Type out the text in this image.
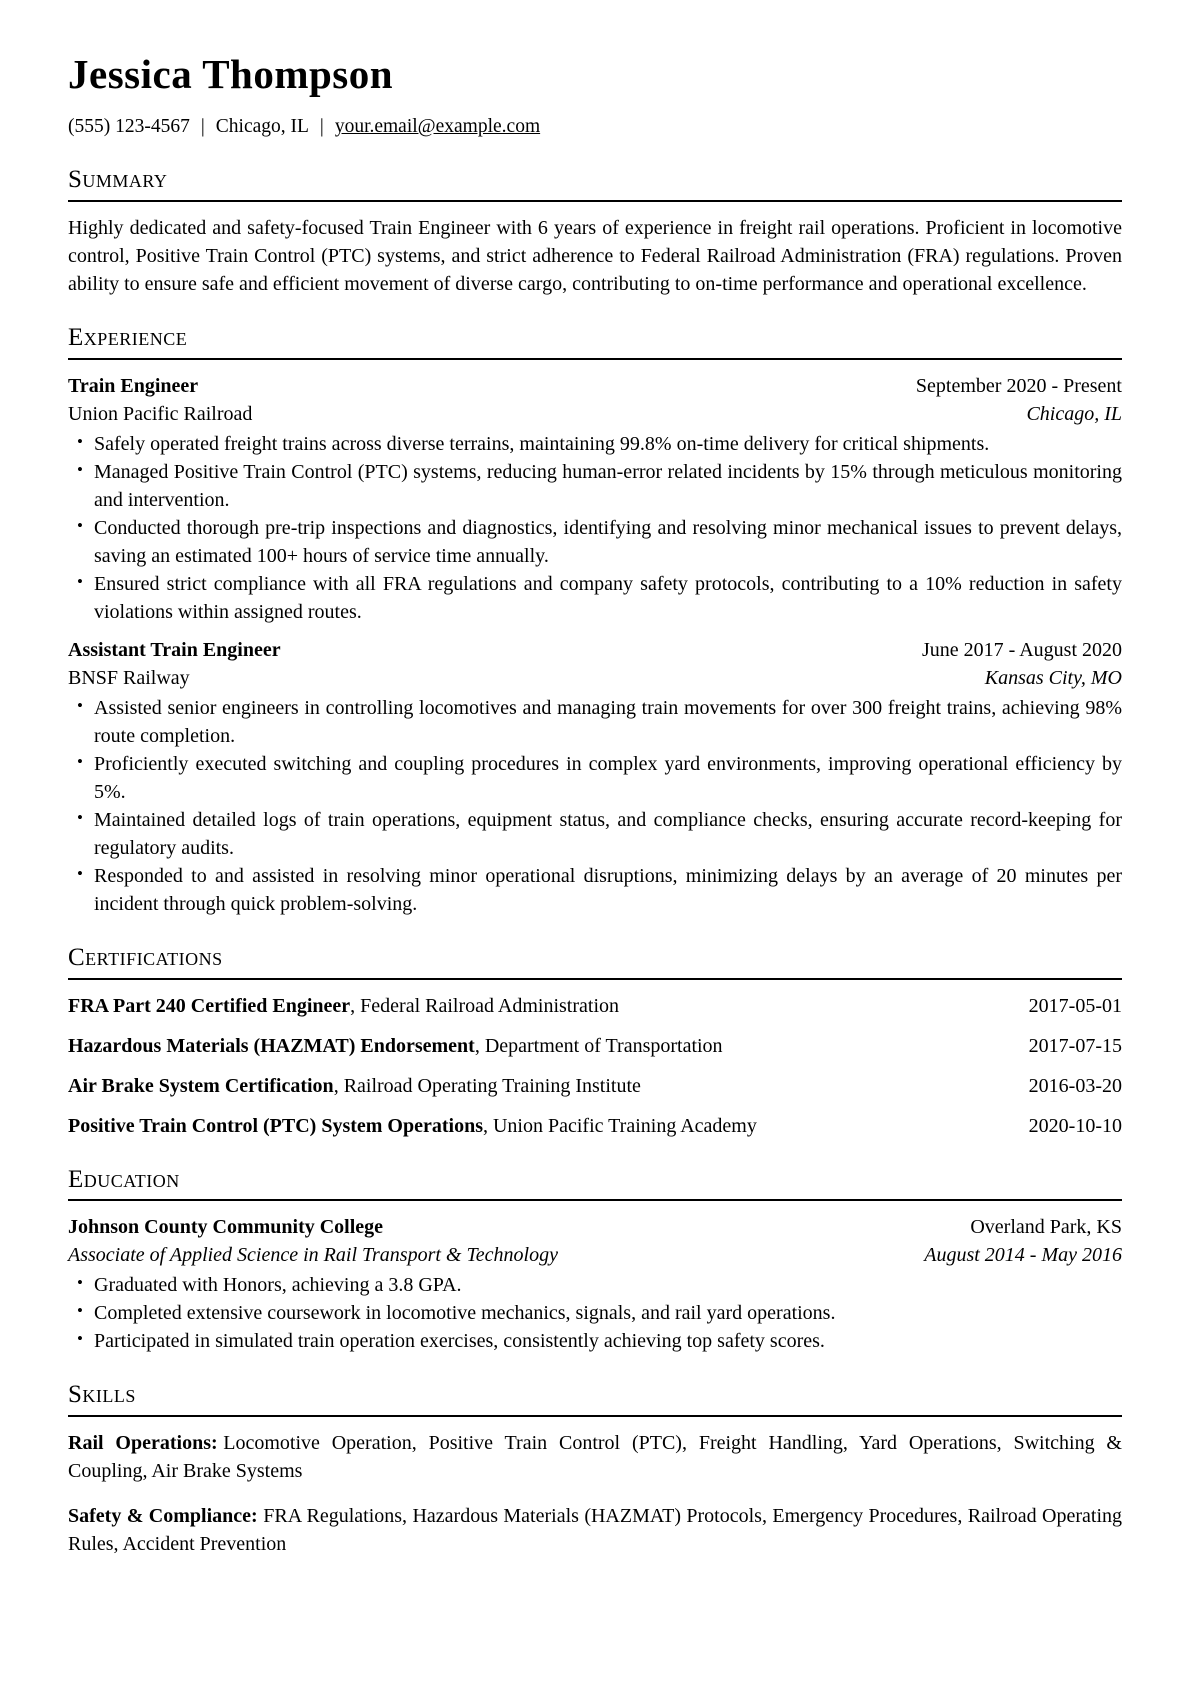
Jessica Thompson
(555) 123-4567 | Chicago, IL | your.email@example.com
Summary

Highly dedicated and safety-focused Train Engineer with 6 years of experience in freight rail operations. Proficient in locomotive control, Positive Train Control (PTC) systems, and strict adherence to Federal Railroad Administration (FRA) regulations. Proven ability to ensure safe and efficient movement of diverse cargo, contributing to on-time performance and operational excellence.

Experience
Train Engineer	September 2020 - Present
Union Pacific Railroad	Chicago, IL
• Safely operated freight trains across diverse terrains, maintaining 99.8% on-time delivery for critical shipments.
• Managed Positive Train Control (PTC) systems, reducing human-error related incidents by 15% through meticulous monitoring and intervention.
• Conducted thorough pre-trip inspections and diagnostics, identifying and resolving minor mechanical issues to prevent delays, saving an estimated 100+ hours of service time annually.
• Ensured strict compliance with all FRA regulations and company safety protocols, contributing to a 10% reduction in safety violations within assigned routes.
Assistant Train Engineer	June 2017 - August 2020
BNSF Railway	Kansas City, MO
• Assisted senior engineers in controlling locomotives and managing train movements for over 300 freight trains, achieving 98% route completion.
• Proficiently executed switching and coupling procedures in complex yard environments, improving operational efficiency by 5%.
• Maintained detailed logs of train operations, equipment status, and compliance checks, ensuring accurate record-keeping for regulatory audits.
• Responded to and assisted in resolving minor operational disruptions, minimizing delays by an average of 20 minutes per incident through quick problem-solving.
Certifications
FRA Part 240 Certified Engineer, Federal Railroad Administration	2017-05-01
Hazardous Materials (HAZMAT) Endorsement, Department of Transportation	2017-07-15
Air Brake System Certification, Railroad Operating Training Institute	2016-03-20
Positive Train Control (PTC) System Operations, Union Pacific Training Academy	2020-10-10
Education
Johnson County Community College	Overland Park, KS
Associate of Applied Science in Rail Transport & Technology	August 2014 - May 2016
• Graduated with Honors, achieving a 3.8 GPA.
• Completed extensive coursework in locomotive mechanics, signals, and rail yard operations.
• Participated in simulated train operation exercises, consistently achieving top safety scores.
Skills

Rail Operations: Locomotive Operation, Positive Train Control (PTC), Freight Handling, Yard Operations, Switching & Coupling, Air Brake Systems

Safety & Compliance: FRA Regulations, Hazardous Materials (HAZMAT) Protocols, Emergency Procedures, Railroad Operating Rules, Accident Prevention
